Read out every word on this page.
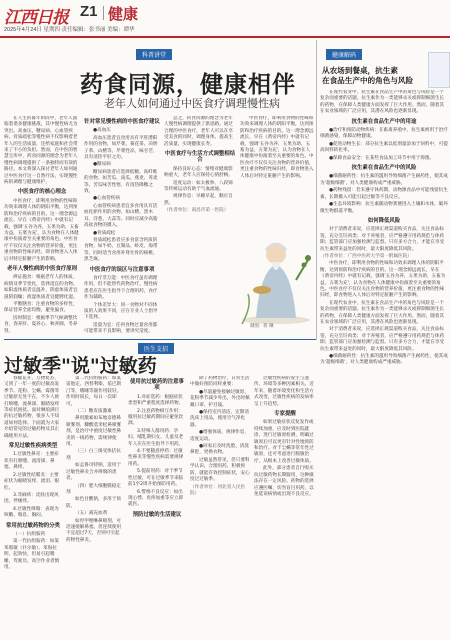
江西日报 Z1 健康
2025年4月24日 星期四 责任编辑：张书丽 美编：谭华
科普讲堂
药食同源，健康相伴
老年人如何通过中医食疗调理慢性病

在人生的暮年阶段中，老年人面临着诸多健康挑战，其中慢性病尤为突出。高血压、糖尿病、心血管疾病、骨质疏松等慢性病不仅影响着老年人的生活质量，还给家庭和社会带来了不小的负担。然而，在中医的智慧宝库中，药食同源的理念为老年人慢性病调理提供了一条独特而有效的路径。本文将深入探讨老年人如何通过中医食疗这一自然疗法，实现慢性病的调理与健康维护。

中医食疗的核心理念

中医食疗，即利用食物的性味和功效来调理人体的阴阳平衡，达到预防和治疗疾病的目的。这一理念源远流长，早在《黄帝内经》中就有记载，强调'五谷为养，五果为助，五畜为益，五菜为充'，认为食物在人体健康中扮演着至关重要的角色。中医食疗不仅仅关注食物的营养价值，更注重食物的性味归经，即食物进入人体后对特定脏腑产生的影响。

老年人慢性病的中医食疗原则

辨证施食：根据老年人的体质、病情及季节变化，选择适宜的食物。如阳虚体质者宜温补，阴虚体质者宜滋阴润燥；痰湿体质者宜健脾化湿。

平衡膳食：注重食物的多样性，保证营养全面均衡，避免偏食。

因时制宜：根据季节气候调整饮食，春养肝、夏养心、秋养肺、冬养肾。

针对常见慢性病的中医食疗建议

●高血压

高血压患者宜食用具有平肝潜阳作用的食物，如芹菜、菊花茶、决明子茶、山楂等。芹菜性凉，味甘苦，具有清热平肝之功。

●糖尿病

糖尿病患者应选择低糖、高纤维的食物，如苦瓜、南瓜、燕麦、荞麦等。苦瓜味苦性寒，有清热降糖之效。

●心血管疾病

心血管疾病患者宜多食用具有活血化瘀作用的食物，如山楂、黑木耳、洋葱、大蒜等。同时应减少高脂高盐食物的摄入。

●骨质疏松

骨质疏松患者应多食富含钙质的食物，如牛奶、豆制品、虾皮、海带等，同时适当食用补肾壮骨的核桃、黑芝麻。

中医食疗的误区与注意事项

食疗非万能：中医食疗虽有调理作用，但不能替代药物治疗。慢性病患者应在医生指导下合理用药，食疗作为辅助。

个体差异大：同一食物对不同体质的人效果不同，应在专业人士指导下选择。

适量为宜：任何食物过量食用都可能带来不良影响，要讲究适度。

总之，药食同源的理念为老年人慢性病调理提供了新思路。通过合理的中医食疗，老年人可以在享受美食的同时，调理身体，提高生活质量，实现健康长寿。

中医食疗与生活方式调整相结合

保持良好心态：情绪对健康影响重大，老年人应保持心情舒畅。

适度运动：如太极拳、八段锦等传统运动有助于气血流通。

规律作息：早睡早起，顺应自然。

（作者单位：南昌市第一医院）

中医食疗，即利用食物的性味和功效来调理人体的阴阳平衡，达到预防和治疗疾病的目的。这一理念源远流长，早在《黄帝内经》中就有记载，强调'五谷为养，五果为助，五畜为益，五菜为充'，认为食物在人体健康中扮演着至关重要的角色。中医食疗不仅仅关注食物的营养价值，更注重食物的性味归经，即食物进入人体后对特定脏腑产生的影响。

制图：蒋 琳
健康解码
从农场到餐桌，抗生素
在食品生产中的角色与风险

在现代农业中，抗生素在食品生产中的角色与风险是一个复杂而重要的话题。抗生素作为一类能够杀灭或抑制细菌生长的药物，在保障人类健康方面发挥了巨大作用。然而，随着其在农业领域的广泛应用，其潜在风险也逐渐显现。

抗生素在食品生产中的用途

●治疗和预防动物疾病：在畜禽养殖中，抗生素被用于治疗细菌感染，保障动物健康。

●促进动物生长：部分抗生素以低剂量添加于饲料中，可提高饲料转化率。

●保障食品安全：在某些食品加工环节中用于抑菌。

抗生素在食品生产中的风险

●细菌耐药性：抗生素的滥用导致细菌产生耐药性，使其成为'超级细菌'，对人类健康构成严重威胁。

●药物残留：若未遵守休药期，动物源食品中可能残留抗生素，长期摄入可能引起过敏等不良反应。

●生态环境影响：抗生素随动物粪便进入土壤和水体，破坏微生物群落平衡。

如何降低风险

对于消费者来说，应选择正规渠道购买食品，关注食品标签，充分烹饪肉类；对于养殖者，应严格遵守用药规范与休药期；监管部门应加强检测与监督。只有多方合力，才能在享受抗生素带来益处的同时，最大限度降低其风险。

（作者单位：广西中医药大学第一附属医院）

中医食疗，即利用食物的性味和功效来调理人体的阴阳平衡，达到预防和治疗疾病的目的。这一理念源远流长，早在《黄帝内经》中就有记载，强调'五谷为养，五果为助，五畜为益，五菜为充'，认为食物在人体健康中扮演着至关重要的角色。中医食疗不仅仅关注食物的营养价值，更注重食物的性味归经，即食物进入人体后对特定脏腑产生的影响。

在现代农业中，抗生素在食品生产中的角色与风险是一个复杂而重要的话题。抗生素作为一类能够杀灭或抑制细菌生长的药物，在保障人类健康方面发挥了巨大作用。然而，随着其在农业领域的广泛应用，其潜在风险也逐渐显现。

对于消费者来说，应选择正规渠道购买食品，关注食品标签，充分烹饪肉类；对于养殖者，应严格遵守用药规范与休药期；监管部门应加强检测与监督。只有多方合力，才能在享受抗生素带来益处的同时，最大限度降低其风险。

●细菌耐药性：抗生素的滥用导致细菌产生耐药性，使其成为'超级细菌'，对人类健康构成严重威胁。

医生支招
过敏季"说"过敏药

春暖花开，万物复苏，又到了一年一度的过敏高发季节。花粉、尘螨、霉菌等过敏原无处不在，不少人被打喷嚏、流鼻涕、眼睛发痒等症状困扰。面对琳琅满目的抗过敏药物，很多人不知道如何选择。下面就为大家介绍常见的过敏药物及其正确使用方法。

常见过敏性疾病类型

1.过敏性鼻炎：主要症状有打喷嚏、流清涕、鼻塞、鼻痒。

2.过敏性结膜炎：主要症状为眼睛发痒、流泪、眼红。

3.荨麻疹：皮肤出现风团，伴瘙痒。

4.过敏性哮喘：表现为咳嗽、喘息、胸闷。

常用抗过敏药物的分类

（一）抗组胺药

第一代抗组胺药：如氯苯那敏（扑尔敏）、苯海拉明，起效快，但易引起嗜睡，驾驶员、高空作业者慎用。

第二代抗组胺药：如氯雷他定、西替利嗪、依巴斯汀等，嗜睡等副作用较轻，作用时间长，每日一次即可。

（二）糖皮质激素

鼻用激素如布地奈德鼻喷雾剂、糠酸莫米松鼻喷雾剂，是治疗中重度过敏性鼻炎的一线药物，需规律使用。

（三）白三烯受体拮抗剂

如孟鲁司特钠，适用于过敏性鼻炎合并哮喘的患者。

（四）肥大细胞膜稳定剂

如色甘酸钠，多用于预防。

（五）减充血剂

如羟甲唑啉鼻喷剂，可迅速缓解鼻塞，但连续使用不宜超过7天，否则可引起药物性鼻炎。

使用抗过敏药的注意事项

1.对症选药：根据症状类型和严重程度选择药物。

2.注意药物相互作用：服用抗过敏药期间应避免饮酒。

3.特殊人群用药：孕妇、哺乳期妇女、儿童及老年人应在医生指导下用药。

4.不要随意停药：过敏性鼻炎等慢性疾病需要规律用药。

5.提前用药：对于季节性过敏，可在过敏季节来临前1至2周开始预防用药。

6.警惕不良反应：如出现心悸、皮疹加重等应立即就医。

预防过敏的生活建议

除了药物治疗，日常生活中做好预防同样重要：

●尽量避免接触过敏原，花粉季节减少外出，外出时佩戴口罩、护目镜。

●保持室内清洁，定期清洗床上用品，使用空气净化器。

●增强体质，规律作息，适度运动。

●回家后及时洗脸、清洗鼻腔，更换衣物。

过敏虽然常见，但只要科学认识、合理用药、积极预防，就能有效控制症状，安心度过过敏季。

（作者单位：河北省人民医院）

过敏性疾病的发生与遗传、环境等多种因素相关。近年来，随着环境变化和生活方式改变，过敏性疾病的发病率呈上升趋势。

专家提醒

如果过敏症状反复发作或持续加重，应及时到医院就诊，进行过敏原检测，明确过敏原后可以更有针对性地预防和治疗。对于尘螨等常年性过敏原，还可考虑进行脱敏治疗，从根本上改善过敏体质。

此外，部分患者自行购买抗过敏药物长期服用，这种做法存在一定风险。药物的选择应遵医嘱，切勿盲目用药，以免延误病情或出现不良反应。
